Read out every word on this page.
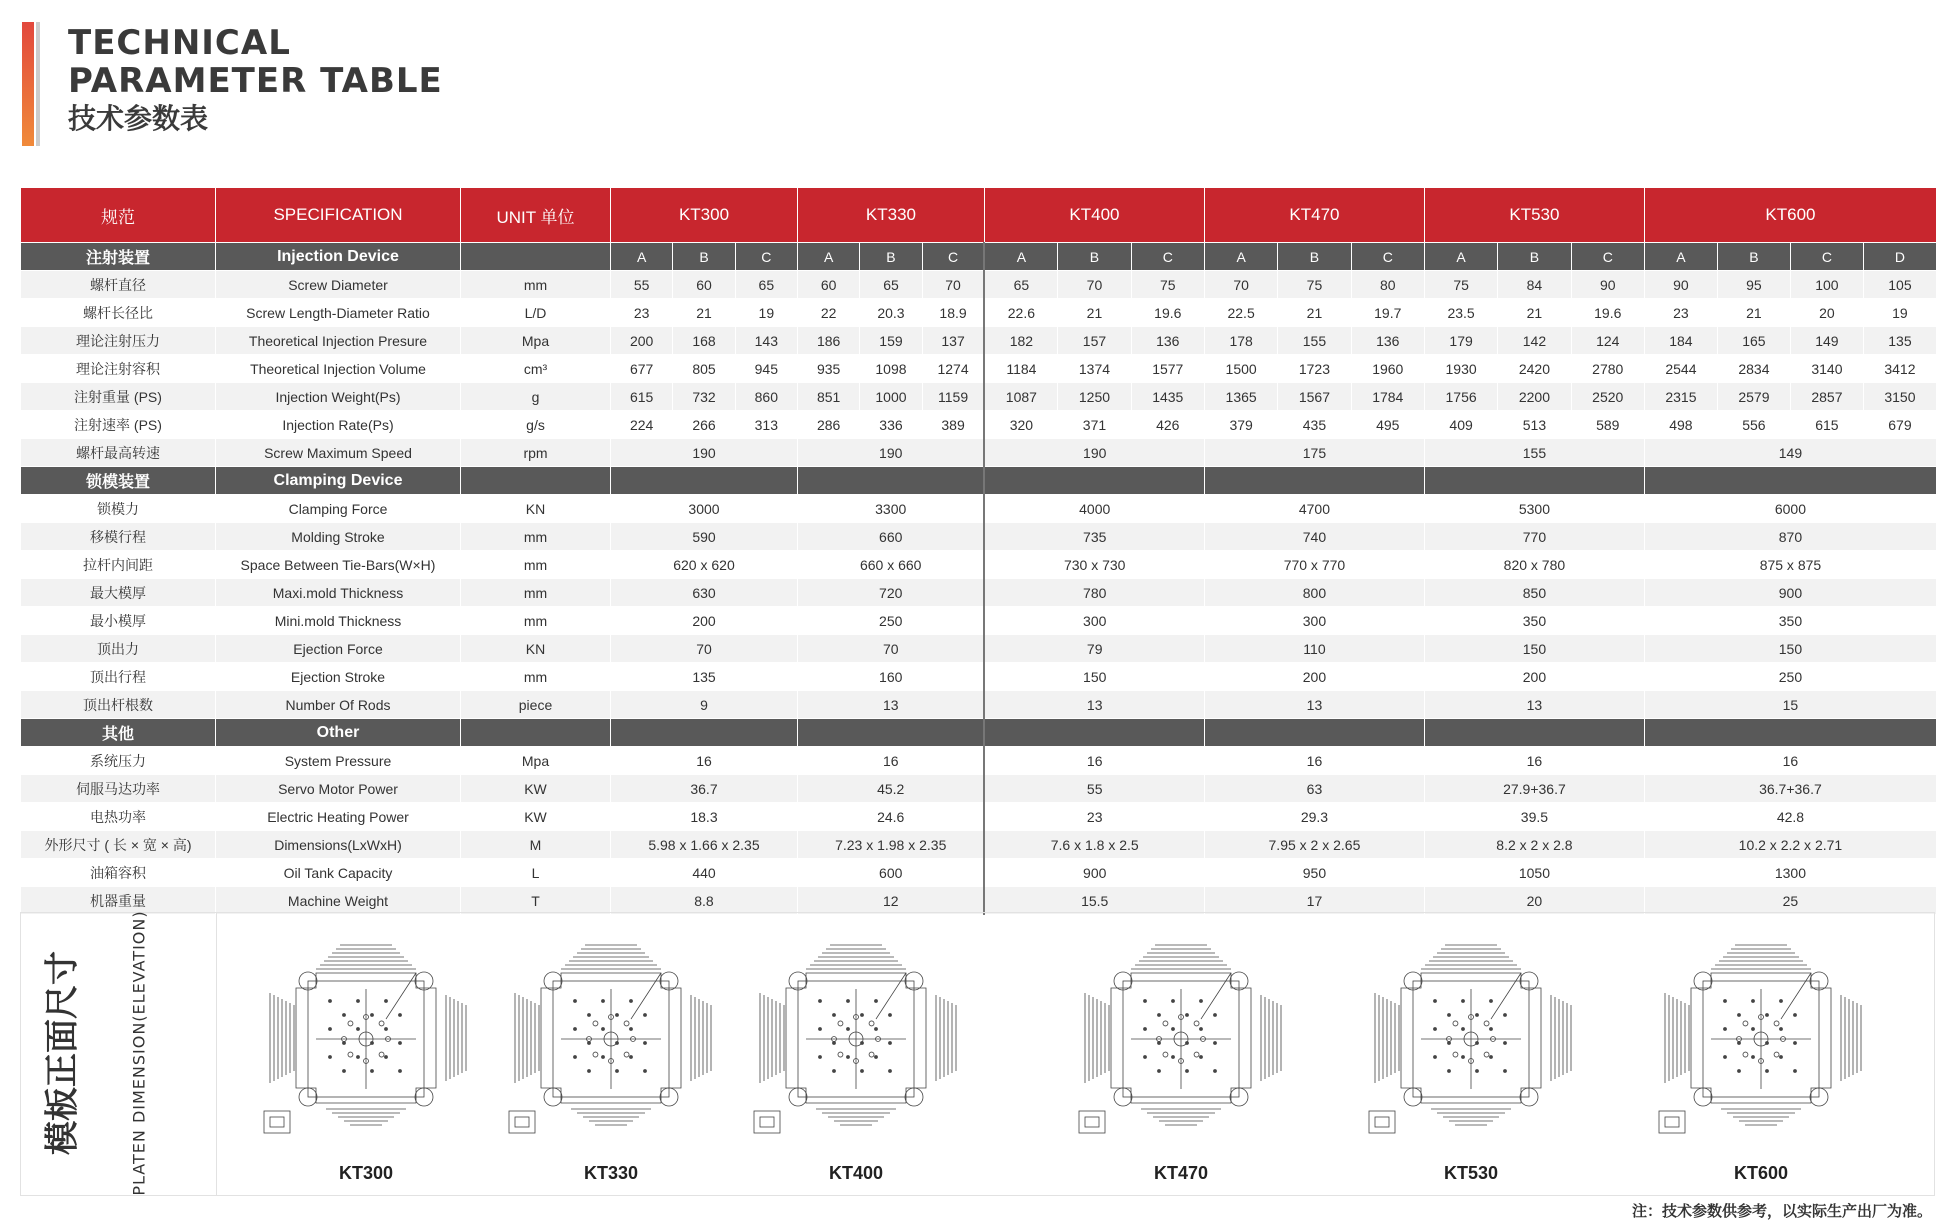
TECHNICAL
PARAMETER TABLE
技术参数表
规范	SPECIFICATION	UNIT 单位	KT300			KT330			KT400			KT470			KT530			KT600			
注射装置	Injection Device		A	B	C	A	B	C	A	B	C	A	B	C	A	B	C	A	B	C	D
螺杆直径	Screw Diameter	mm	55	60	65	60	65	70	65	70	75	70	75	80	75	84	90	90	95	100	105
螺杆长径比	Screw Length-Diameter Ratio	L/D	23	21	19	22	20.3	18.9	22.6	21	19.6	22.5	21	19.7	23.5	21	19.6	23	21	20	19
理论注射压力	Theoretical Injection Presure	Mpa	200	168	143	186	159	137	182	157	136	178	155	136	179	142	124	184	165	149	135
理论注射容积	Theoretical Injection Volume	cm³	677	805	945	935	1098	1274	1184	1374	1577	1500	1723	1960	1930	2420	2780	2544	2834	3140	3412
注射重量 (PS)	Injection Weight(Ps)	g	615	732	860	851	1000	1159	1087	1250	1435	1365	1567	1784	1756	2200	2520	2315	2579	2857	3150
注射速率 (PS)	Injection Rate(Ps)	g/s	224	266	313	286	336	389	320	371	426	379	435	495	409	513	589	498	556	615	679
螺杆最高转速	Screw Maximum Speed	rpm	190			190			190			175			155			149			
锁模装置	Clamping Device																				
锁模力	Clamping Force	KN	3000			3300			4000			4700			5300			6000			
移模行程	Molding Stroke	mm	590			660			735			740			770			870			
拉杆内间距	Space Between Tie-Bars(W×H)	mm	620 x 620			660 x 660			730 x 730			770 x 770			820 x 780			875 x 875			
最大模厚	Maxi.mold Thickness	mm	630			720			780			800			850			900			
最小模厚	Mini.mold Thickness	mm	200			250			300			300			350			350			
顶出力	Ejection Force	KN	70			70			79			110			150			150			
顶出行程	Ejection Stroke	mm	135			160			150			200			200			250			
顶出杆根数	Number Of Rods	piece	9			13			13			13			13			15			
其他	Other																				
系统压力	System Pressure	Mpa	16			16			16			16			16			16			
伺服马达功率	Servo Motor Power	KW	36.7			45.2			55			63			27.9+36.7			36.7+36.7			
电热功率	Electric Heating Power	KW	18.3			24.6			23			29.3			39.5			42.8			
外形尺寸 ( 长 × 宽 × 高)	Dimensions(LxWxH)	M	5.98 x 1.66 x 2.35			7.23 x 1.98 x 2.35			7.6 x 1.8 x 2.5			7.95 x 2 x 2.65			8.2 x 2 x 2.8			10.2 x 2.2 x 2.71			
油箱容积	Oil Tank Capacity	L	440			600			900			950			1050			1300			
机器重量	Machine Weight	T	8.8			12			15.5			17			20			25			
模板正面尺寸	PLATEN DIMENSION(ELEVATION)	KT300	KT330	KT400	KT470	KT530	KT600
注：技术参数供参考，以实际生产出厂为准。
